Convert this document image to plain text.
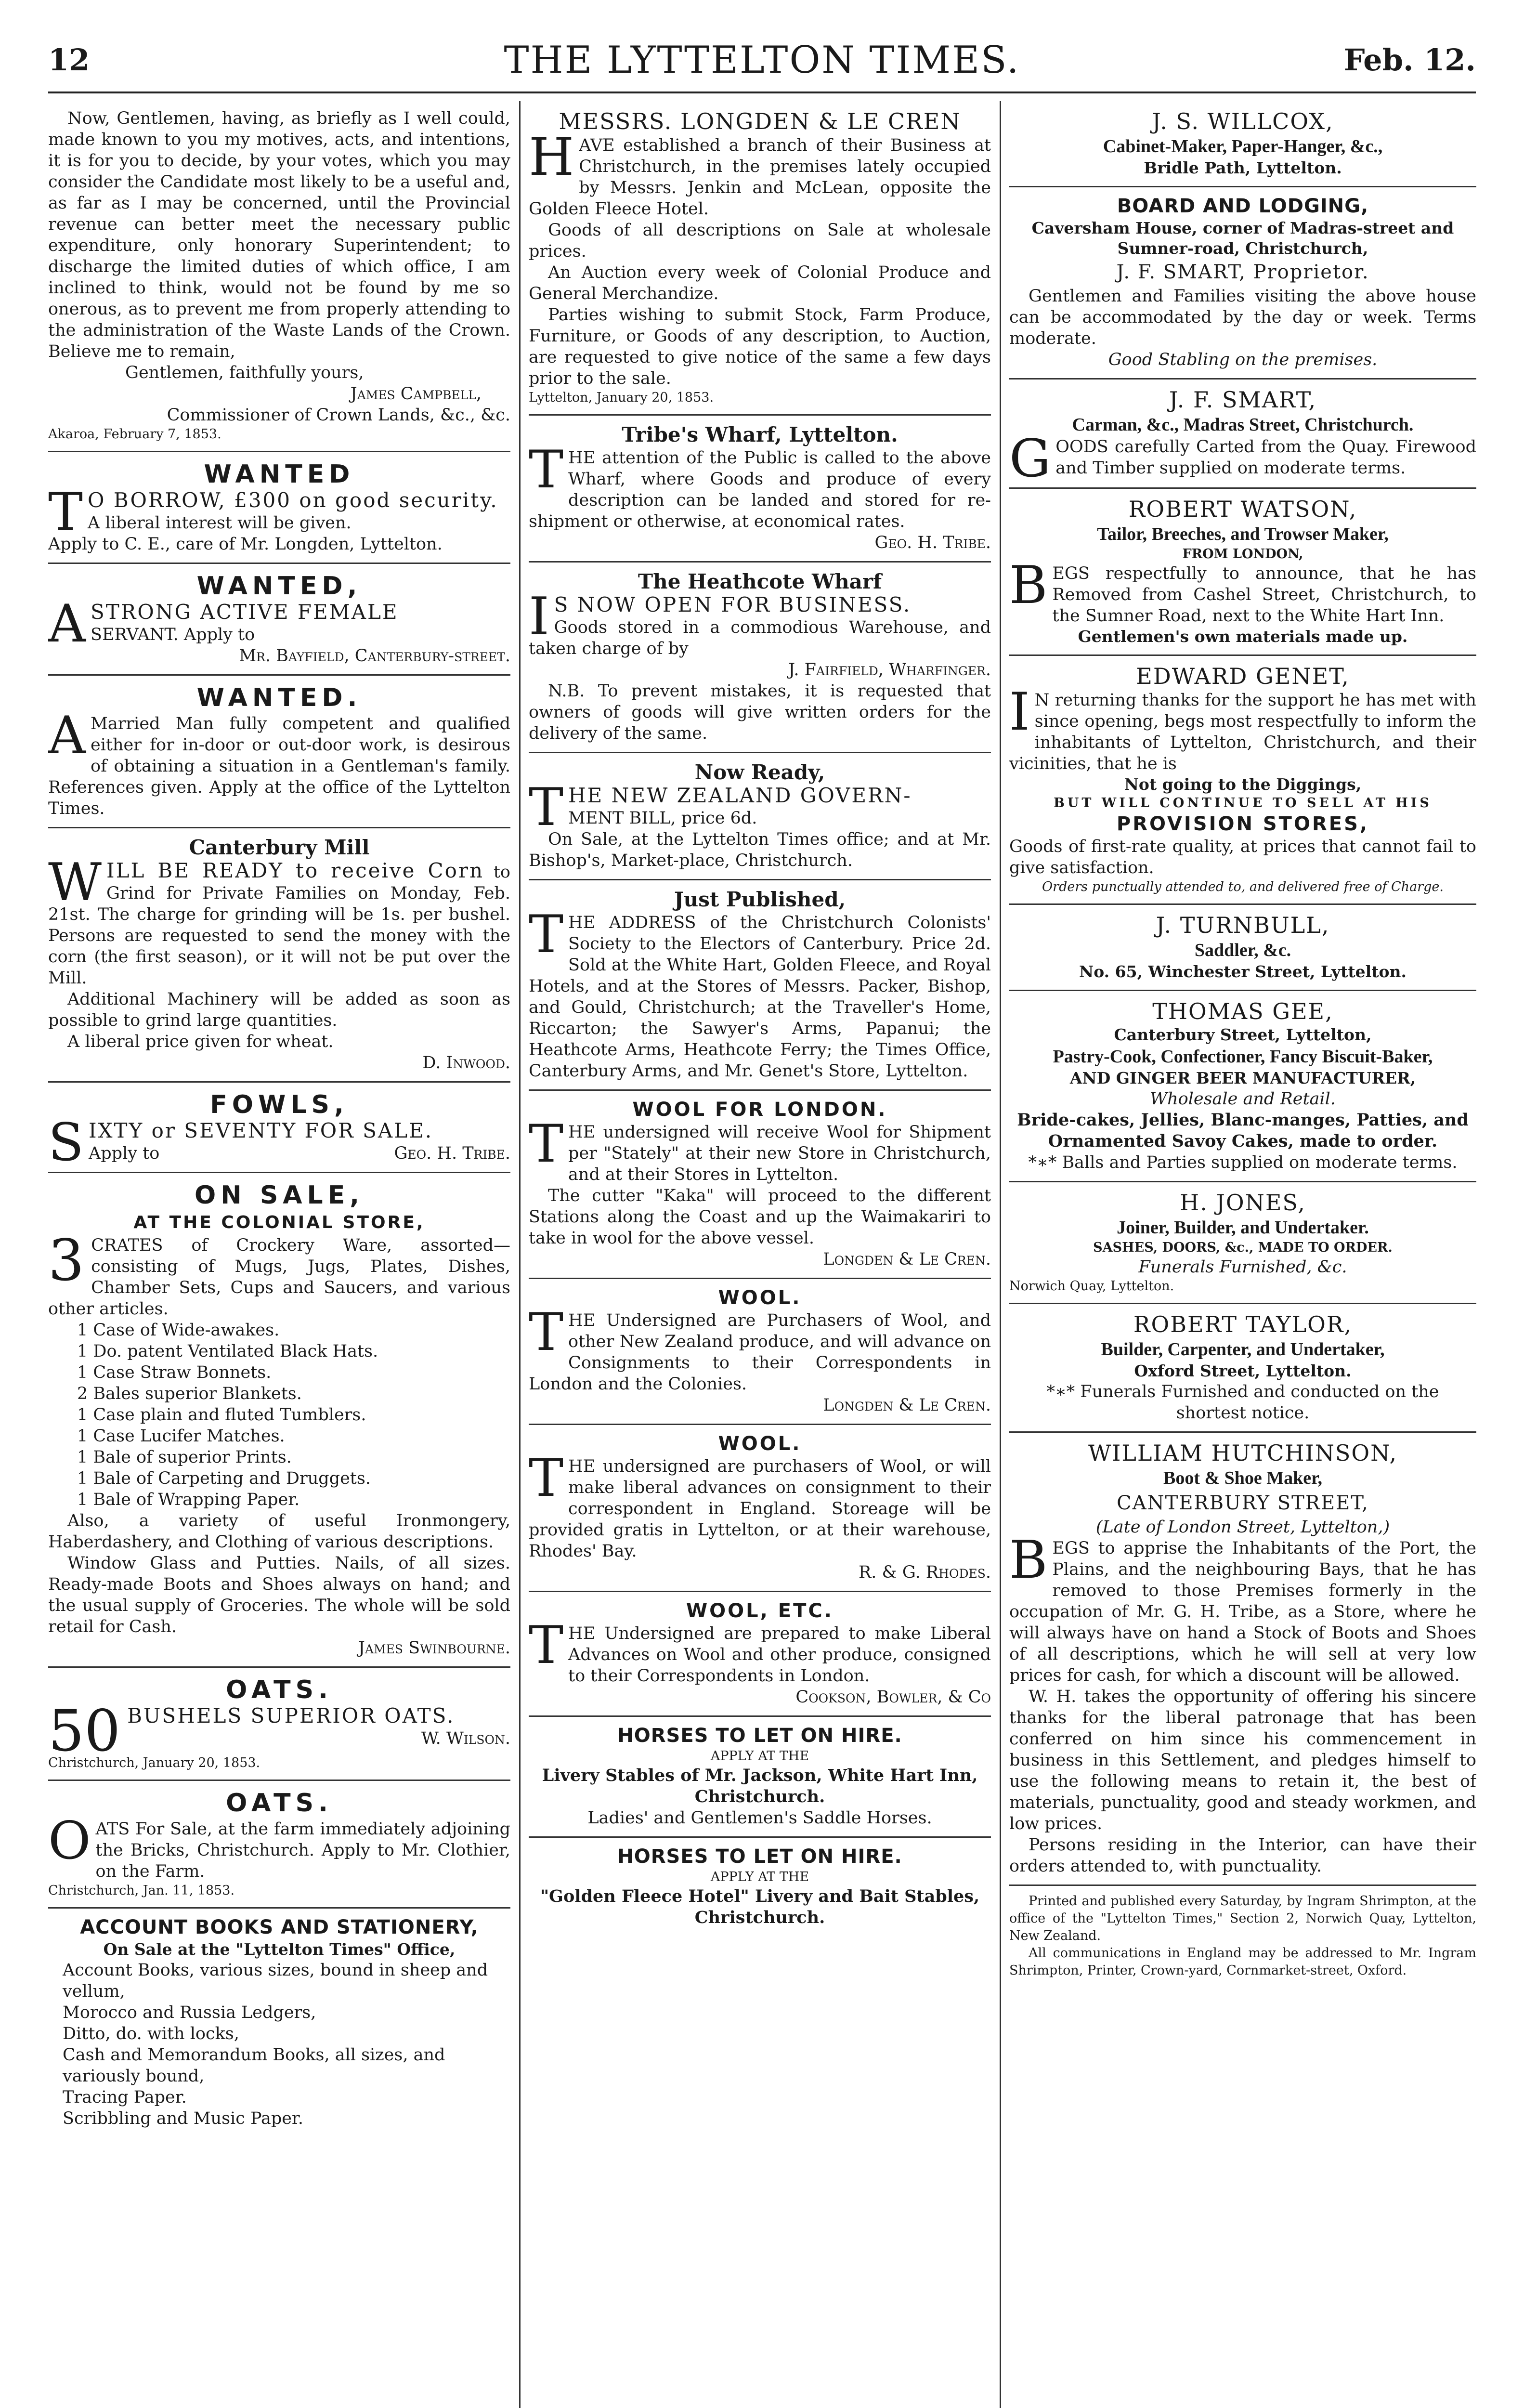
12	THE LYTTELTON TIMES.	Feb. 12.

Now, Gentlemen, having, as briefly as I well could, made known to you my motives, acts, and intentions, it is for you to decide, by your votes, which you may consider the Candidate most likely to be a useful and, as far as I may be concerned, until the Provincial revenue can better meet the necessary public expenditure, only honorary Superintendent; to discharge the limited duties of which office, I am inclined to think, would not be found by me so onerous, as to prevent me from properly attending to the administration of the Waste Lands of the Crown. Believe me to remain,

Gentlemen, faithfully yours,

James Campbell,

Commissioner of Crown Lands, &c., &c.

Akaroa, February 7, 1853.

WANTED

T O BORROW, £300 on good security.
A liberal interest will be given.

Apply to C. E., care of Mr. Longden, Lyttelton.

WANTED,

ASTRONG ACTIVE FEMALE
SERVANT. Apply to

Mr. Bayfield, Canterbury-street.

WANTED.

A Married Man fully competent and qualified either for in-door or out-door work, is desirous of obtaining a situation in a Gentleman's family. References given. Apply at the office of the Lyttelton Times.

Canterbury Mill

WILL BE READY to receive Corn to Grind for Private Families on Monday, Feb. 21st. The charge for grinding will be 1s. per bushel. Persons are requested to send the money with the corn (the first season), or it will not be put over the Mill.

Additional Machinery will be added as soon as possible to grind large quantities.

A liberal price given for wheat.

D. Inwood.

FOWLS,

SIXTY or SEVENTY FOR SALE.
Apply to	Geo. H. Tribe.

ON SALE,
AT THE COLONIAL STORE,

3 CRATES of Crockery Ware, assorted— consisting of Mugs, Jugs, Plates, Dishes, Chamber Sets, Cups and Saucers, and various other articles.

1 Case of Wide-awakes.
1 Do. patent Ventilated Black Hats.
1 Case Straw Bonnets.
2 Bales superior Blankets.
1 Case plain and fluted Tumblers.
1 Case Lucifer Matches.
1 Bale of superior Prints.
1 Bale of Carpeting and Druggets.
1 Bale of Wrapping Paper.

Also, a variety of useful Ironmongery, Haberdashery, and Clothing of various descriptions.

Window Glass and Putties. Nails, of all sizes. Ready-made Boots and Shoes always on hand; and the usual supply of Groceries. The whole will be sold retail for Cash.

James Swinbourne.

OATS.

50 BUSHELS SUPERIOR OATS.

W. Wilson.

Christchurch, January 20, 1853.

OATS.

OATS For Sale, at the farm immediately adjoining the Bricks, Christchurch. Apply to Mr. Clothier, on the Farm.

Christchurch, Jan. 11, 1853.

ACCOUNT BOOKS AND STATIONERY,
On Sale at the "Lyttelton Times" Office,
Account Books, various sizes, bound in sheep and vellum,
Morocco and Russia Ledgers,
Ditto, do. with locks,
Cash and Memorandum Books, all sizes, and variously bound,
Tracing Paper.
Scribbling and Music Paper.
MESSRS. LONGDEN & LE CREN

HAVE established a branch of their Business at Christchurch, in the premises lately occupied by Messrs. Jenkin and McLean, opposite the Golden Fleece Hotel.

Goods of all descriptions on Sale at wholesale prices.

An Auction every week of Colonial Produce and General Merchandize.

Parties wishing to submit Stock, Farm Produce, Furniture, or Goods of any description, to Auction, are requested to give notice of the same a few days prior to the sale.

Lyttelton, January 20, 1853.

Tribe's Wharf, Lyttelton.

THE attention of the Public is called to the above Wharf, where Goods and produce of every description can be landed and stored for re-shipment or otherwise, at economical rates.

Geo. H. Tribe.

The Heathcote Wharf

I S NOW OPEN FOR BUSINESS.
Goods stored in a commodious Warehouse, and taken charge of by

J. Fairfield, Wharfinger.

N.B. To prevent mistakes, it is requested that owners of goods will give written orders for the delivery of the same.

Now Ready,

THE NEW ZEALAND GOVERN-
MENT BILL, price 6d.

On Sale, at the Lyttelton Times office; and at Mr. Bishop's, Market-place, Christchurch.

Just Published,

THE ADDRESS of the Christchurch Colonists' Society to the Electors of Canterbury. Price 2d. Sold at the White Hart, Golden Fleece, and Royal Hotels, and at the Stores of Messrs. Packer, Bishop, and Gould, Christchurch; at the Traveller's Home, Riccarton; the Sawyer's Arms, Papanui; the Heathcote Arms, Heathcote Ferry; the Times Office, Canterbury Arms, and Mr. Genet's Store, Lyttelton.

WOOL FOR LONDON.

THE undersigned will receive Wool for Shipment per "Stately" at their new Store in Christchurch, and at their Stores in Lyttelton.

The cutter "Kaka" will proceed to the different Stations along the Coast and up the Waimakariri to take in wool for the above vessel.

Longden & Le Cren.

WOOL.

THE Undersigned are Purchasers of Wool, and other New Zealand produce, and will advance on Consignments to their Correspondents in London and the Colonies.

Longden & Le Cren.

WOOL.

THE undersigned are purchasers of Wool, or will make liberal advances on consignment to their correspondent in England. Storeage will be provided gratis in Lyttelton, or at their warehouse, Rhodes' Bay.

R. & G. Rhodes.

WOOL, ETC.

THE Undersigned are prepared to make Liberal Advances on Wool and other produce, consigned to their Correspondents in London.

Cookson, Bowler, & Co

HORSES TO LET ON HIRE.

APPLY AT THE

Livery Stables of Mr. Jackson, White Hart Inn, Christchurch.

Ladies' and Gentlemen's Saddle Horses.

HORSES TO LET ON HIRE.

APPLY AT THE

"Golden Fleece Hotel" Livery and Bait Stables, Christchurch.

J. S. WILLCOX,
Cabinet-Maker, Paper-Hanger, &c.,
Bridle Path, Lyttelton.
BOARD AND LODGING,
Caversham House, corner of Madras-street and Sumner-road, Christchurch,
J. F. SMART, Proprietor.

Gentlemen and Families visiting the above house can be accommodated by the day or week. Terms moderate.

Good Stabling on the premises.

J. F. SMART,
Carman, &c., Madras Street, Christchurch.

GOODS carefully Carted from the Quay. Firewood and Timber supplied on moderate terms.

ROBERT WATSON,
Tailor, Breeches, and Trowser Maker,
FROM LONDON,

BEGS respectfully to announce, that he has Removed from Cashel Street, Christchurch, to the Sumner Road, next to the White Hart Inn.

Gentlemen's own materials made up.
EDWARD GENET,

I N returning thanks for the support he has met with since opening, begs most respectfully to inform the inhabitants of Lyttelton, Christchurch, and their vicinities, that he is

Not going to the Diggings,
BUT WILL CONTINUE TO SELL AT HIS
PROVISION STORES,

Goods of first-rate quality, at prices that cannot fail to give satisfaction.

Orders punctually attended to, and delivered free of Charge.

J. TURNBULL,
Saddler, &c.
No. 65, Winchester Street, Lyttelton.
THOMAS GEE,
Canterbury Street, Lyttelton,
Pastry-Cook, Confectioner, Fancy Biscuit-Baker,
AND GINGER BEER MANUFACTURER,

Wholesale and Retail.

Bride-cakes, Jellies, Blanc-manges, Patties, and Ornamented Savoy Cakes, made to order.

*∗* Balls and Parties supplied on moderate terms.

H. JONES,
Joiner, Builder, and Undertaker.
SASHES, DOORS, &c., MADE TO ORDER.

Funerals Furnished, &c.

Norwich Quay, Lyttelton.

ROBERT TAYLOR,
Builder, Carpenter, and Undertaker,
Oxford Street, Lyttelton.

*∗* Funerals Furnished and conducted on the shortest notice.

WILLIAM HUTCHINSON,
Boot & Shoe Maker,
CANTERBURY STREET,

(Late of London Street, Lyttelton,)

BEGS to apprise the Inhabitants of the Port, the Plains, and the neighbouring Bays, that he has removed to those Premises formerly in the occupation of Mr. G. H. Tribe, as a Store, where he will always have on hand a Stock of Boots and Shoes of all descriptions, which he will sell at very low prices for cash, for which a discount will be allowed.

W. H. takes the opportunity of offering his sincere thanks for the liberal patronage that has been conferred on him since his commencement in business in this Settlement, and pledges himself to use the following means to retain it, the best of materials, punctuality, good and steady workmen, and low prices.

Persons residing in the Interior, can have their orders attended to, with punctuality.

Printed and published every Saturday, by Ingram Shrimpton, at the office of the "Lyttelton Times," Section 2, Norwich Quay, Lyttelton, New Zealand.

All communications in England may be addressed to Mr. Ingram Shrimpton, Printer, Crown-yard, Cornmarket-street, Oxford.
